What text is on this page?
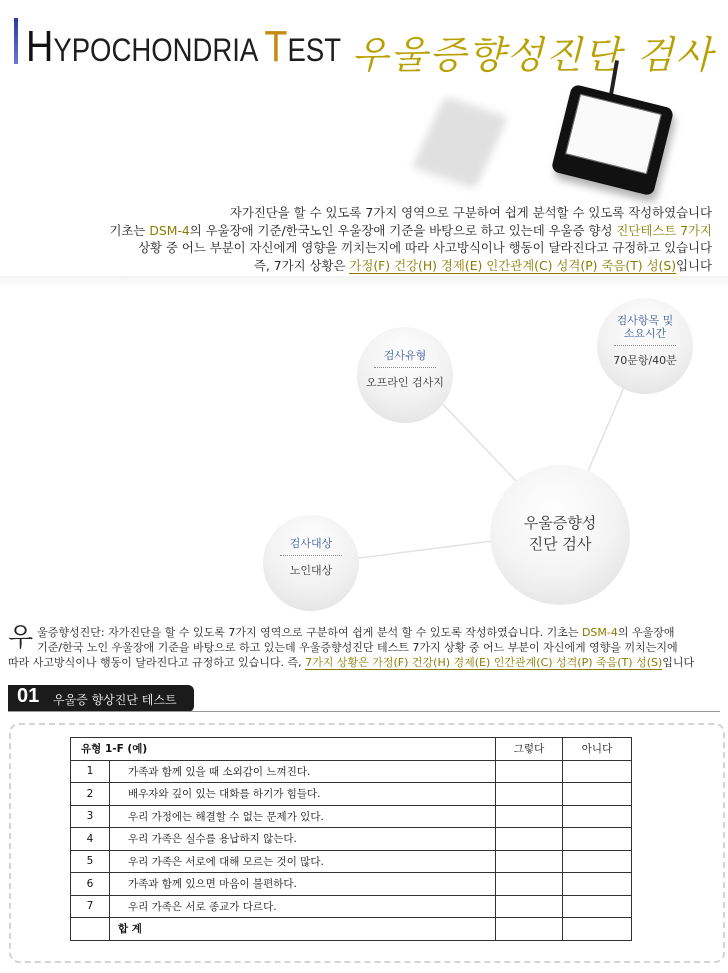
HYPOCHONDRIA TEST 우울증향성진단 검사
자가진단을 할 수 있도록 7가지 영역으로 구분하여 쉽게 분석할 수 있도록 작성하였습니다
기초는 DSM-4의 우울장애 기준/한국노인 우울장애 기준을 바탕으로 하고 있는데 우울증 향성 진단테스트 7가지
상황 중 어느 부분이 자신에게 영향을 끼치는지에 따라 사고방식이나 행동이 달라진다고 규정하고 있습니다
즉, 7가지 상황은 가정(F) 건강(H) 경제(E) 인간관계(C) 성격(P) 죽음(T) 성(S)입니다
우울증향성
진단 검사
검사유형
오프라인 검사지
검사항목 및
소요시간
70문항/40분
검사대상
노인대상
우 울증향성진단: 자가진단을 할 수 있도록 7가지 영역으로 구분하여 쉽게 분석 할 수 있도록 작성하였습니다. 기초는 DSM-4의 우울장애
기준/한국 노인 우울장애 기준을 바탕으로 하고 있는데 우울증향성진단 테스트 7가지 상황 중 어느 부분이 자신에게 영향을 끼치는지에
따라 사고방식이나 행동이 달라진다고 규정하고 있습니다. 즉, 7가지 상황은 가정(F) 건강(H) 경제(E) 인간관계(C) 성격(P) 죽음(T) 성(S)입니다
01 우울증 향상진단 테스트
유형 1-F (예)		그렇다	아니다
1	가족과 함께 있을 때 소외감이 느껴진다.		
2	배우자와 깊이 있는 대화를 하기가 힘들다.		
3	우리 가정에는 해결할 수 없는 문제가 있다.		
4	우리 가족은 실수를 용납하지 않는다.		
5	우리 가족은 서로에 대해 모르는 것이 많다.		
6	가족과 함께 있으면 마음이 불편하다.		
7	우리 가족은 서로 종교가 다르다.		
	합 계		
